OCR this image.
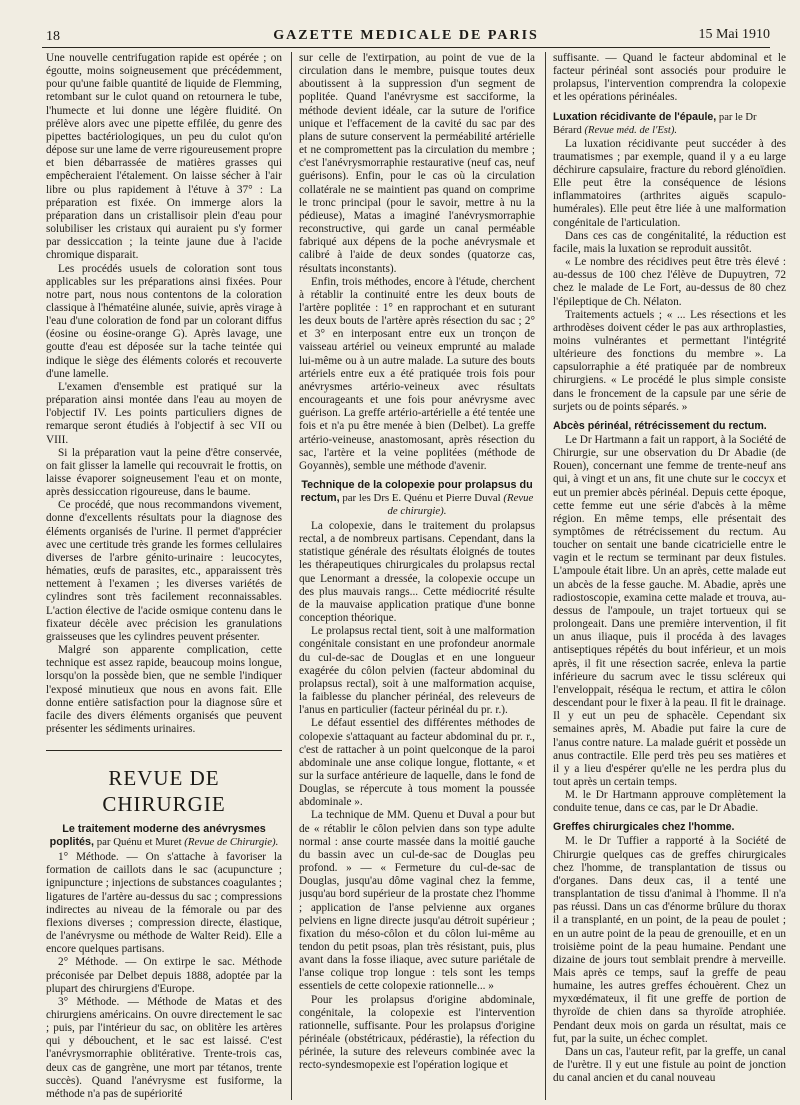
18	GAZETTE MEDICALE DE PARIS	15 Mai 1910

Une nouvelle centrifugation rapide est opérée ; on égoutte, moins soigneusement que précédemment, pour qu'une faible quantité de liquide de Flemming, retombant sur le culot quand on retournera le tube, l'humecte et lui donne une légère fluidité. On prélève alors avec une pipette effilée, du genre des pipettes bactériologiques, un peu du culot qu'on dépose sur une lame de verre rigoureusement propre et bien débarrassée de matières grasses qui empêcheraient l'étalement. On laisse sécher à l'air libre ou plus rapidement à l'étuve à 37° : La préparation est fixée. On immerge alors la préparation dans un cristallisoir plein d'eau pour solubiliser les cristaux qui auraient pu s'y former par dessiccation ; la teinte jaune due à l'acide chromique disparait.

Les procédés usuels de coloration sont tous applicables sur les préparations ainsi fixées. Pour notre part, nous nous contentons de la coloration classique à l'hématéine alunée, suivie, après virage à l'eau d'une coloration de fond par un colorant diffus (éosine ou éosine-orange G). Après lavage, une goutte d'eau est déposée sur la tache teintée qui indique le siège des éléments colorés et recouverte d'une lamelle.

L'examen d'ensemble est pratiqué sur la préparation ainsi montée dans l'eau au moyen de l'objectif IV. Les points particuliers dignes de remarque seront étudiés à l'objectif à sec VII ou VIII.

Si la préparation vaut la peine d'être conservée, on fait glisser la lamelle qui recouvrait le frottis, on laisse évaporer soigneusement l'eau et on monte, après dessiccation rigoureuse, dans le baume.

Ce procédé, que nous recommandons vivement, donne d'excellents résultats pour la diagnose des éléments organisés de l'urine. Il permet d'apprécier avec une certitude très grande les formes cellulaires diverses de l'arbre génito-urinaire : leucocytes, hématies, œufs de parasites, etc., apparaissent très nettement à l'examen ; les diverses variétés de cylindres sont très facilement reconnaissables. L'action élective de l'acide osmique contenu dans le fixateur décèle avec précision les granulations graisseuses que les cylindres peuvent présenter.

Malgré son apparente complication, cette technique est assez rapide, beaucoup moins longue, lorsqu'on la possède bien, que ne semble l'indiquer l'exposé minutieux que nous en avons fait. Elle donne entière satisfaction pour la diagnose sûre et facile des divers éléments organisés que peuvent présenter les sédiments urinaires.

REVUE DE CHIRURGIE
Le traitement moderne des anévrysmes poplités, par Quénu et Muret (Revue de Chirurgie).

1° Méthode. — On s'attache à favoriser la formation de caillots dans le sac (acupuncture ; ignipuncture ; injections de substances coagulantes ; ligatures de l'artère au-dessus du sac ; compressions indirectes au niveau de la fémorale ou par des flexions diverses ; compression directe, élastique, de l'anévrysme ou méthode de Walter Reid). Elle a encore quelques partisans.

2° Méthode. — On extirpe le sac. Méthode préconisée par Delbet depuis 1888, adoptée par la plupart des chirurgiens d'Europe.

3° Méthode. — Méthode de Matas et des chirurgiens américains. On ouvre directement le sac ; puis, par l'intérieur du sac, on oblitère les artères qui y débouchent, et le sac est laissé. C'est l'anévrysmorraphie oblitérative. Trente-trois cas, deux cas de gangrène, une mort par tétanos, trente succès). Quand l'anévrysme est fusiforme, la méthode n'a pas de supériorité

sur celle de l'extirpation, au point de vue de la circulation dans le membre, puisque toutes deux aboutissent à la suppression d'un segment de poplitée. Quand l'anévrysme est sacciforme, la méthode devient idéale, car la suture de l'orifice unique et l'effacement de la cavité du sac par des plans de suture conservent la perméabilité artérielle et ne compromettent pas la circulation du membre ; c'est l'anévrysmorraphie restaurative (neuf cas, neuf guérisons). Enfin, pour le cas où la circulation collatérale ne se maintient pas quand on comprime le tronc principal (pour le savoir, mettre à nu la pédieuse), Matas a imaginé l'anévrysmorraphie reconstructive, qui garde un canal perméable fabriqué aux dépens de la poche anévrysmale et calibré à l'aide de deux sondes (quatorze cas, résultats inconstants).

Enfin, trois méthodes, encore à l'étude, cherchent à rétablir la continuité entre les deux bouts de l'artère poplitée : 1° en rapprochant et en suturant les deux bouts de l'artère après résection du sac ; 2° et 3° en interposant entre eux un tronçon de vaisseau artériel ou veineux emprunté au malade lui-même ou à un autre malade. La suture des bouts artériels entre eux a été pratiquée trois fois pour anévrysmes artério-veineux avec résultats encourageants et une fois pour anévrysme avec guérison. La greffe artério-artérielle a été tentée une fois et n'a pu être menée à bien (Delbet). La greffe artério-veineuse, anastomosant, après résection du sac, l'artère et la veine poplitées (méthode de Goyannès), semble une méthode d'avenir.

Technique de la colopexie pour prolapsus du rectum, par les Drs E. Quénu et Pierre Duval (Revue de chirurgie).

La colopexie, dans le traitement du prolapsus rectal, a de nombreux partisans. Cependant, dans la statistique générale des résultats éloignés de toutes les thérapeutiques chirurgicales du prolapsus rectal que Lenormant a dressée, la colopexie occupe un des plus mauvais rangs... Cette médiocrité résulte de la mauvaise application pratique d'une bonne conception théorique.

Le prolapsus rectal tient, soit à une malformation congénitale consistant en une profondeur anormale du cul-de-sac de Douglas et en une longueur exagérée du côlon pelvien (facteur abdominal du prolapsus rectal), soit à une malformation acquise, la faiblesse du plancher périnéal, des releveurs de l'anus en particulier (facteur périnéal du pr. r.).

Le défaut essentiel des différentes méthodes de colopexie s'attaquant au facteur abdominal du pr. r., c'est de rattacher à un point quelconque de la paroi abdominale une anse colique longue, flottante, « et sur la surface antérieure de laquelle, dans le fond de Douglas, se répercute à tous moment la poussée abdominale ».

La technique de MM. Quenu et Duval a pour but de « rétablir le côlon pelvien dans son type adulte normal : anse courte massée dans la moitié gauche du bassin avec un cul-de-sac de Douglas peu profond. » — « Fermeture du cul-de-sac de Douglas, jusqu'au dôme vaginal chez la femme, jusqu'au bord supérieur de la prostate chez l'homme ; application de l'anse pelvienne aux organes pelviens en ligne directe jusqu'au détroit supérieur ; fixation du méso-côlon et du côlon lui-même au tendon du petit psoas, plan très résistant, puis, plus avant dans la fosse iliaque, avec suture pariétale de l'anse colique trop longue : tels sont les temps essentiels de cette colopexie rationnelle... »

Pour les prolapsus d'origine abdominale, congénitale, la colopexie est l'intervention rationnelle, suffisante. Pour les prolapsus d'origine périnéale (obstétricaux, pédérastie), la réfection du périnée, la suture des releveurs combinée avec la recto-syndesmopexie est l'opération logique et

suffisante. — Quand le facteur abdominal et le facteur périnéal sont associés pour produire le prolapsus, l'intervention comprendra la colopexie et les opérations périnéales.

Luxation récidivante de l'épaule, par le Dr Bérard (Revue méd. de l'Est).

La luxation récidivante peut succéder à des traumatismes ; par exemple, quand il y a eu large déchirure capsulaire, fracture du rebord glénoïdien. Elle peut être la conséquence de lésions inflammatoires (arthrites aiguës scapulo-humérales). Elle peut être liée à une malformation congénitale de l'articulation.

Dans ces cas de congénitalité, la réduction est facile, mais la luxation se reproduit aussitôt.

« Le nombre des récidives peut être très élevé : au-dessus de 100 chez l'élève de Dupuytren, 72 chez le malade de Le Fort, au-dessus de 80 chez l'épileptique de Ch. Nélaton.

Traitements actuels ; « ... Les résections et les arthrodèses doivent céder le pas aux arthroplasties, moins vulnérantes et permettant l'intégrité ultérieure des fonctions du membre ». La capsulorraphie a été pratiquée par de nombreux chirurgiens. « Le procédé le plus simple consiste dans le froncement de la capsule par une série de surjets ou de points séparés. »

Abcès périnéal, rétrécissement du rectum.

Le Dr Hartmann a fait un rapport, à la Société de Chirurgie, sur une observation du Dr Abadie (de Rouen), concernant une femme de trente-neuf ans qui, à vingt et un ans, fit une chute sur le coccyx et eut un premier abcès périnéal. Depuis cette époque, cette femme eut une série d'abcès à la même région. En même temps, elle présentait des symptômes de rétrécissement du rectum. Au toucher on sentait une bande cicatricielle entre le vagin et le rectum se terminant par deux fistules. L'ampoule était libre. Un an après, cette malade eut un abcès de la fesse gauche. M. Abadie, après une radiostoscopie, examina cette malade et trouva, au-dessus de l'ampoule, un trajet tortueux qui se prolongeait. Dans une première intervention, il fit un anus iliaque, puis il procéda à des lavages antiseptiques répétés du bout inférieur, et un mois après, il fit une résection sacrée, enleva la partie inférieure du sacrum avec le tissu scléreux qui l'enveloppait, réséqua le rectum, et attira le côlon descendant pour le fixer à la peau. Il fit le drainage. Il y eut un peu de sphacèle. Cependant six semaines après, M. Abadie put faire la cure de l'anus contre nature. La malade guérit et possède un anus contractile. Elle perd très peu ses matières et il y a lieu d'espérer qu'elle ne les perdra plus du tout après un certain temps.

M. le Dr Hartmann approuve complètement la conduite tenue, dans ce cas, par le Dr Abadie.

Greffes chirurgicales chez l'homme.

M. le Dr Tuffier a rapporté à la Société de Chirurgie quelques cas de greffes chirurgicales chez l'homme, de transplantation de tissus ou d'organes. Dans deux cas, il a tenté une transplantation de tissu d'animal à l'homme. Il n'a pas réussi. Dans un cas d'énorme brûlure du thorax il a transplanté, en un point, de la peau de poulet ; en un autre point de la peau de grenouille, et en un troisième point de la peau humaine. Pendant une dizaine de jours tout semblait prendre à merveille. Mais après ce temps, sauf la greffe de peau humaine, les autres greffes échouèrent. Chez un myxœdémateux, il fit une greffe de portion de thyroïde de chien dans sa thyroïde atrophiée. Pendant deux mois on garda un résultat, mais ce fut, par la suite, un échec complet.

Dans un cas, l'auteur refit, par la greffe, un canal de l'urètre. Il y eut une fistule au point de jonction du canal ancien et du canal nouveau
